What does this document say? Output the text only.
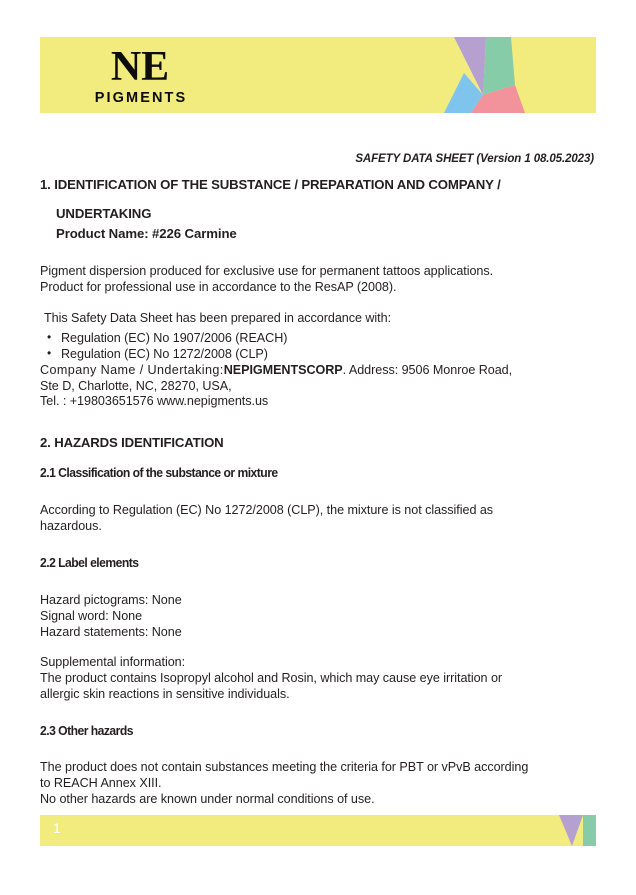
NE
PIGMENTS
SAFETY DATA SHEET (Version 1 08.05.2023)
1. IDENTIFICATION OF THE SUBSTANCE / PREPARATION AND COMPANY /
UNDERTAKING
Product Name: #226 Carmine
Pigment dispersion produced for exclusive use for permanent tattoos applications.
Product for professional use in accordance to the ResAP (2008).
This Safety Data Sheet has been prepared in accordance with:
• Regulation (EC) No 1907/2006 (REACH)
• Regulation (EC) No 1272/2008 (CLP)
Company Name / Undertaking:NEPIGMENTSCORP. Address: 9506 Monroe Road,
Ste D, Charlotte, NC, 28270, USA,
Tel. : +19803651576 www.nepigments.us
2. HAZARDS IDENTIFICATION
2.1 Classification of the substance or mixture
According to Regulation (EC) No 1272/2008 (CLP), the mixture is not classified as
hazardous.
2.2 Label elements
Hazard pictograms: None
Signal word: None
Hazard statements: None
Supplemental information:
The product contains Isopropyl alcohol and Rosin, which may cause eye irritation or
allergic skin reactions in sensitive individuals.
2.3 Other hazards
The product does not contain substances meeting the criteria for PBT or vPvB according
to REACH Annex XIII.
No other hazards are known under normal conditions of use.
1
